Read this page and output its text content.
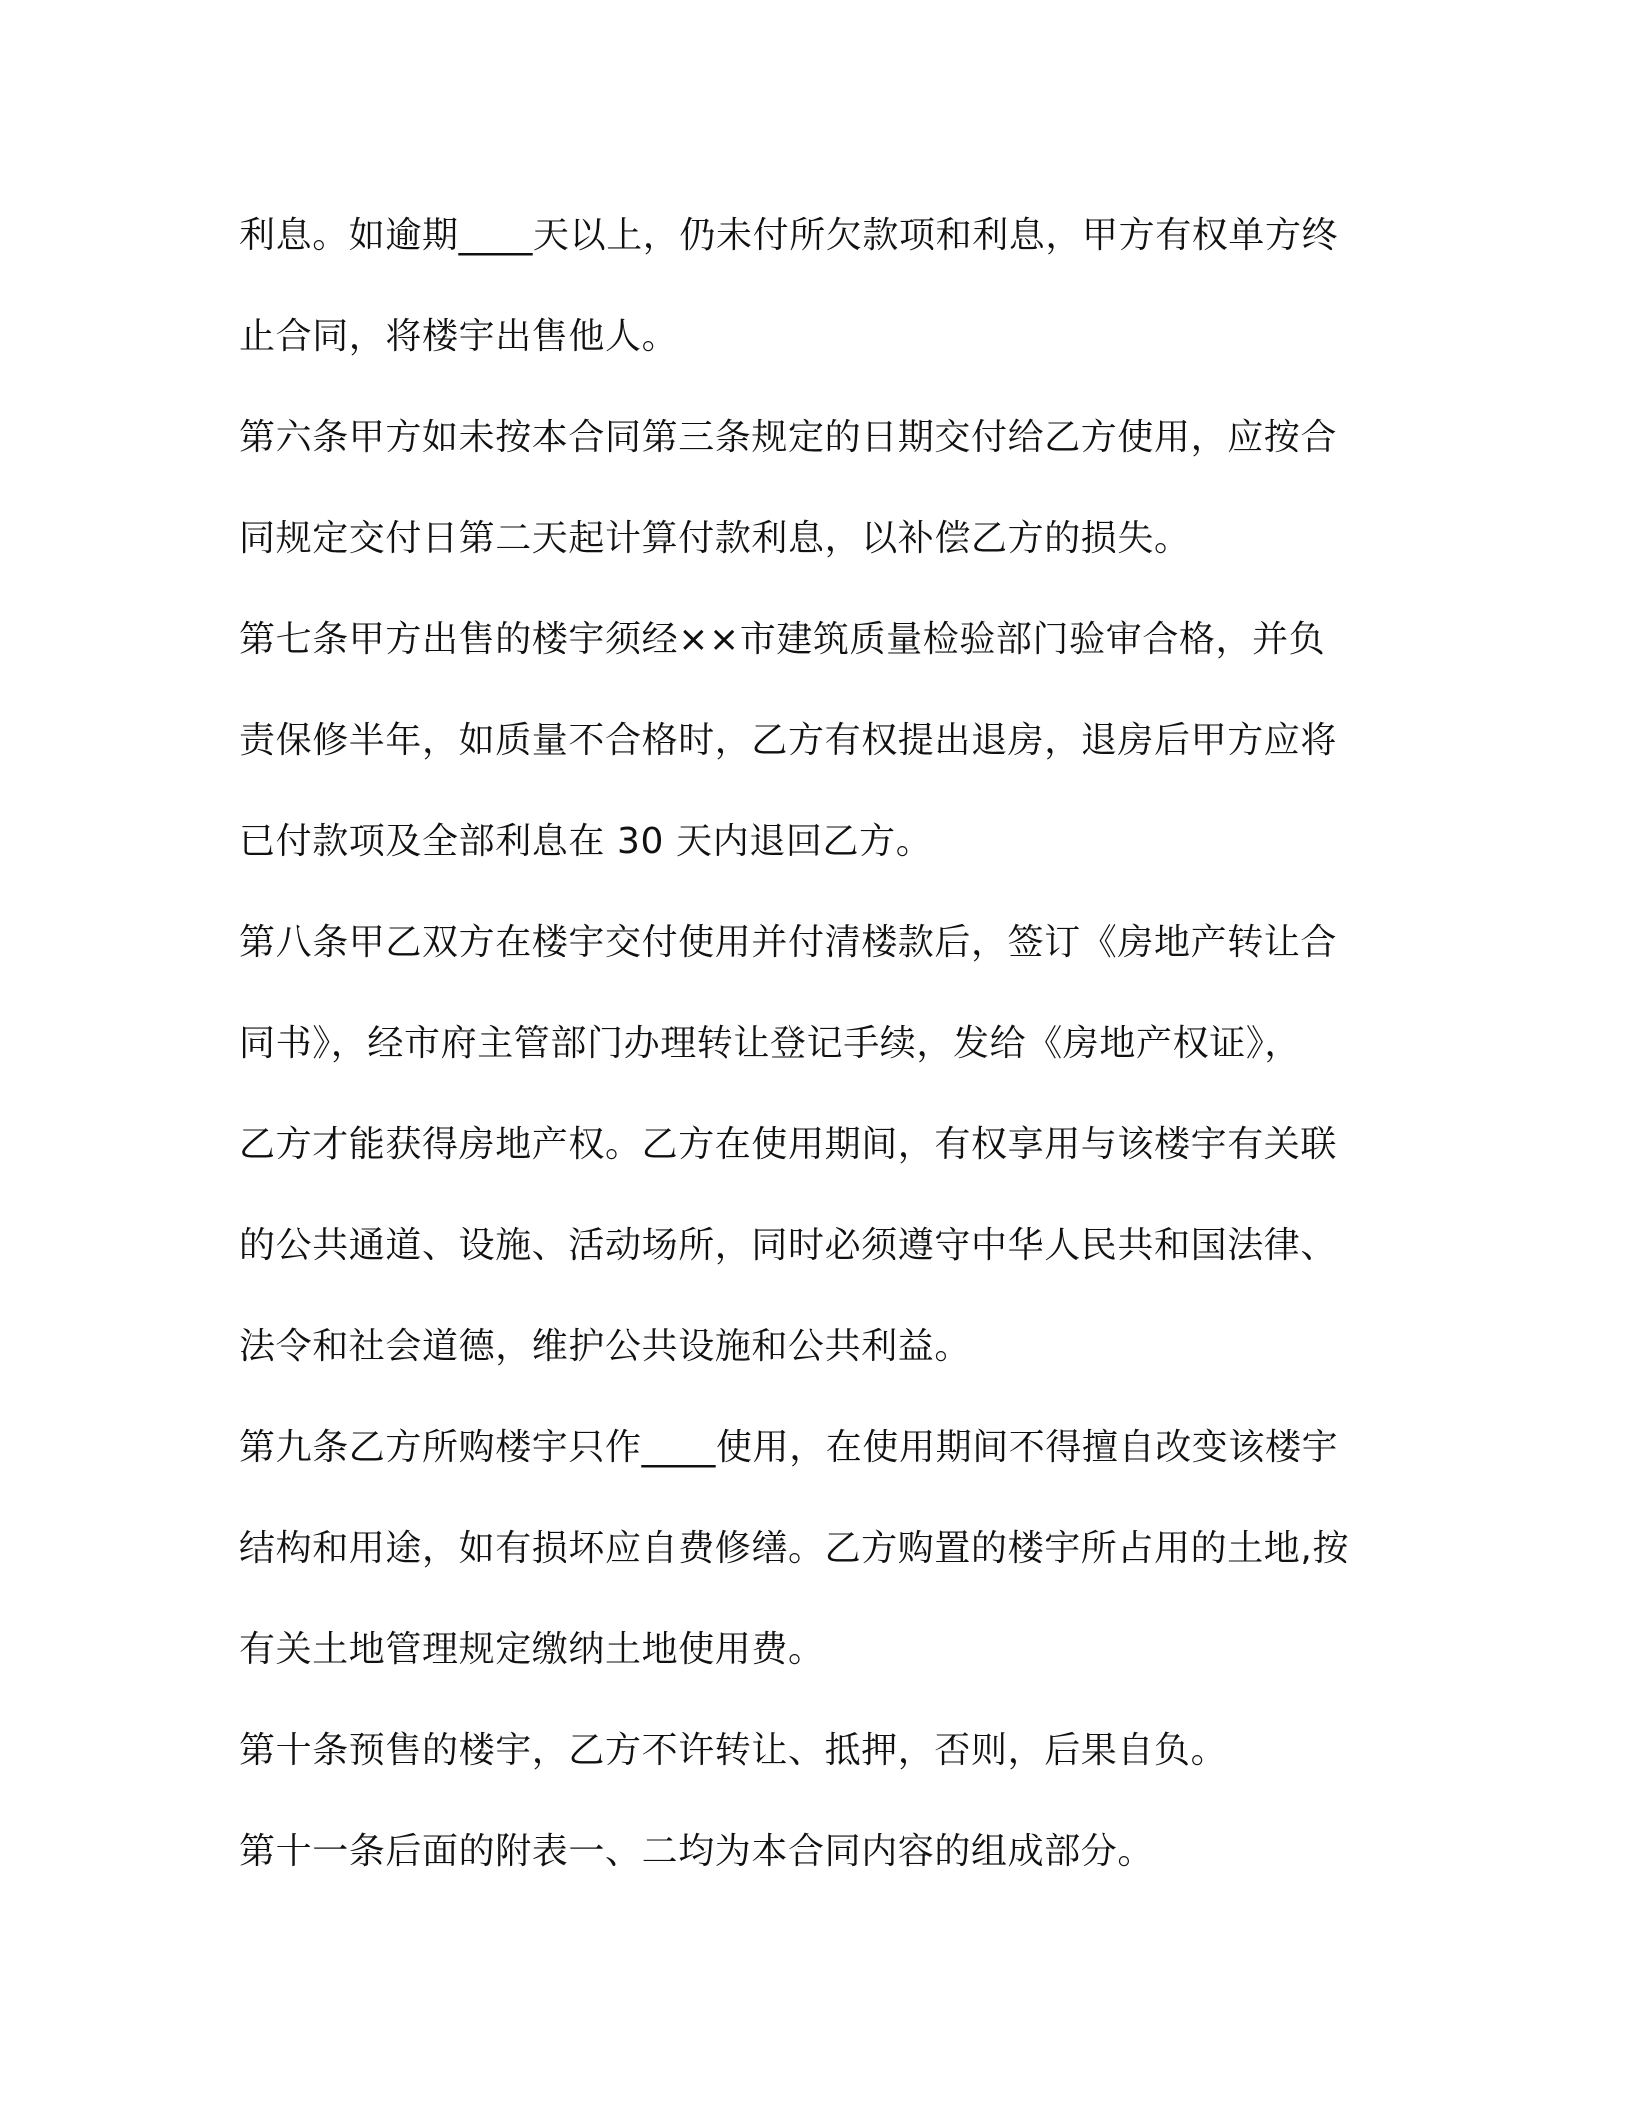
利息。如逾期____天以上，仍未付所欠款项和利息，甲方有权单方终
止合同，将楼宇出售他人。
第六条甲方如未按本合同第三条规定的日期交付给乙方使用，应按合
同规定交付日第二天起计算付款利息，以补偿乙方的损失。
第七条甲方出售的楼宇须经××市建筑质量检验部门验审合格，并负
责保修半年，如质量不合格时，乙方有权提出退房，退房后甲方应将
已付款项及全部利息在 30 天内退回乙方。
第八条甲乙双方在楼宇交付使用并付清楼款后，签订《房地产转让合
同书》，经市府主管部门办理转让登记手续，发给《房地产权证》，
乙方才能获得房地产权。乙方在使用期间，有权享用与该楼宇有关联
的公共通道、设施、活动场所，同时必须遵守中华人民共和国法律、
法令和社会道德，维护公共设施和公共利益。
第九条乙方所购楼宇只作____使用，在使用期间不得擅自改变该楼宇
结构和用途，如有损坏应自费修缮。乙方购置的楼宇所占用的土地,按
有关土地管理规定缴纳土地使用费。
第十条预售的楼宇，乙方不许转让、抵押，否则，后果自负。
第十一条后面的附表一、二均为本合同内容的组成部分。
